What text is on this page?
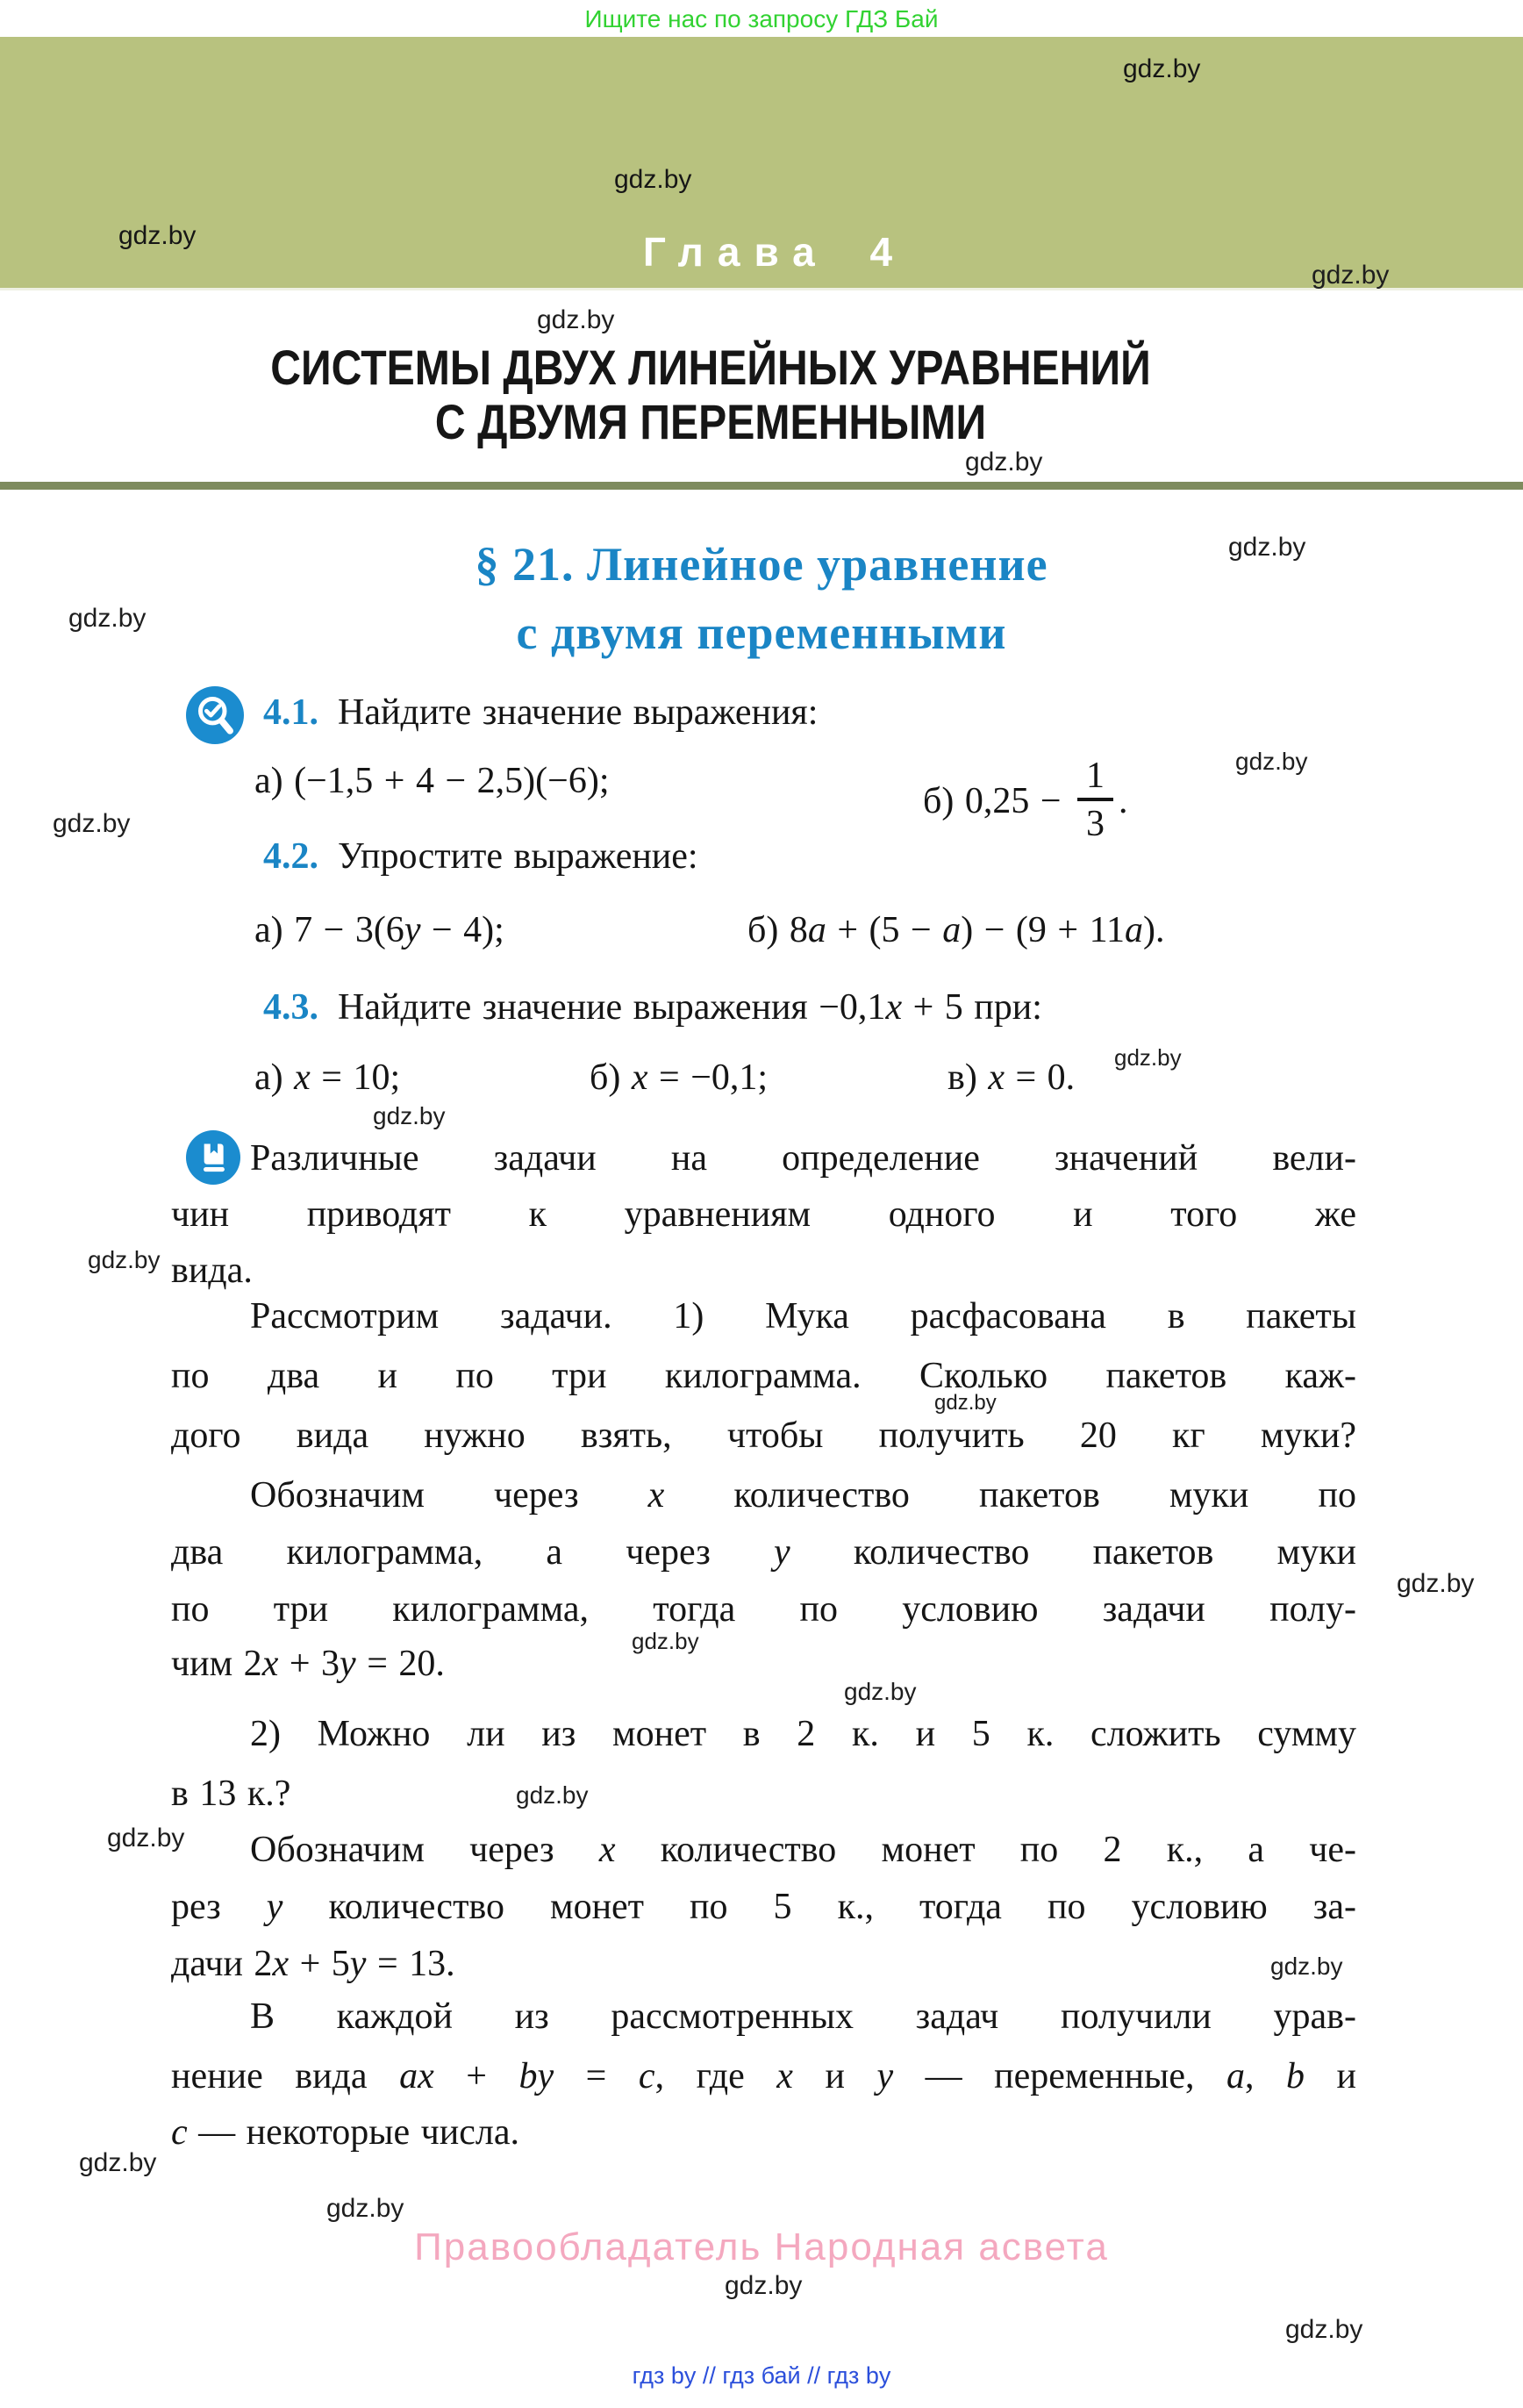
Ищите нас по запросу ГДЗ Бай
Глава 4
СИСТЕМЫ ДВУХ ЛИНЕЙНЫХ УРАВНЕНИЙ
С ДВУМЯ ПЕРЕМЕННЫМИ
§ 21. Линейное уравнение
с двумя переменными
4.1. Найдите значение выражения:
а) (−1,5 + 4 − 2,5)(−6);
б) $0,25 - \frac{1}{3}$ .
4.2. Упростите выражение:
а) 7 − 3(6y − 4);	б) 8a + (5 − a) − (9 + 11a).
4.3. Найдите значение выражения −0,1x + 5 при:
а) x = 10;	б) x = −0,1;	в) x = 0.
Различные задачи на определение значений вели-
чин приводят к уравнениям одного и того же
вида.
Рассмотрим задачи. 1) Мука расфасована в пакеты
по два и по три килограмма. Сколько пакетов каж-
дого вида нужно взять, чтобы получить 20 кг муки?
Обозначим через x количество пакетов муки по
два килограмма, а через y количество пакетов муки
по три килограмма, тогда по условию задачи полу-
чим 2x + 3y = 20.
2) Можно ли из монет в 2 к. и 5 к. сложить сумму
в 13 к.?
Обозначим через x количество монет по 2 к., а че-
рез y количество монет по 5 к., тогда по условию за-
дачи 2x + 5y = 13.
В каждой из рассмотренных задач получили урав-
нение вида ax + by = c, где x и y — переменные, a, b и
c — некоторые числа.
Правообладатель Народная асвета
гдз by // гдз бай // гдз by
gdz.by
gdz.by
gdz.by
gdz.by
gdz.by
gdz.by
gdz.by
gdz.by
gdz.by
gdz.by
gdz.by
gdz.by
gdz.by
gdz.by
gdz.by
gdz.by
gdz.by
gdz.by
gdz.by
gdz.by
gdz.by
gdz.by
gdz.by
gdz.by
